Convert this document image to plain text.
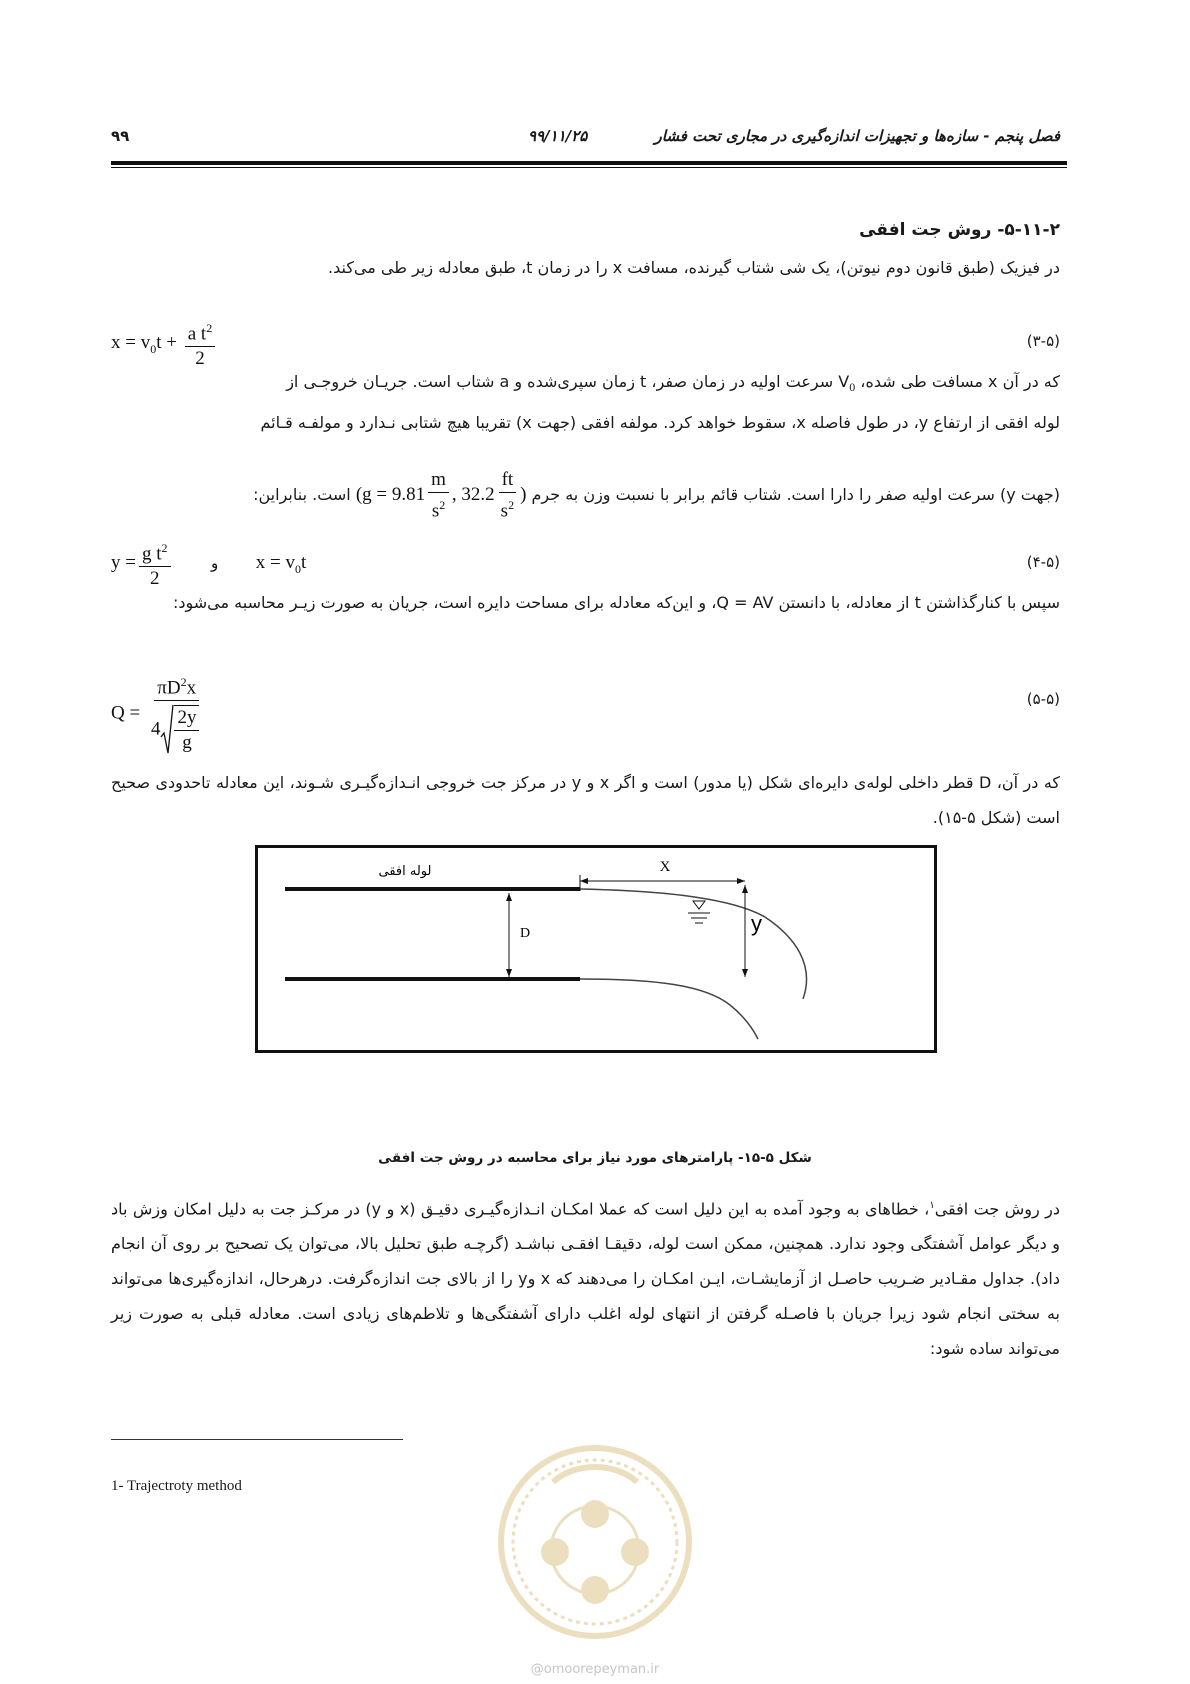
فصل پنجم - سازه‌ها و تجهیزات اندازه‌گیری در مجاری تحت فشار
۹۹/۱۱/۲۵
۹۹
۵-۱۱-۲- روش جت افقی
در فیزیک (طبق قانون دوم نیوتن)، یک شی شتاب گیرنده، مسافت x را در زمان t، طبق معادله زیر طی می‌کند.
$x = v_0t + \frac{a t^2}{2}$	(۳-۵)
که در آن x مسافت طی شده، $V_0$ سرعت اولیه در زمان صفر، t زمان سپری‌شده و a شتاب است. جریـان خروجـی از
لوله افقی از ارتفاع y، در طول فاصله x، سقوط خواهد کرد. مولفه افقی (جهت x) تقریبا هیچ شتابی نـدارد و مولفـه قـائم
(جهت y) سرعت اولیه صفر را دارا است. شتاب قائم برابر با نسبت وزن به جرم ($g = 9.81 \frac{m}{s^2}$ , $32.2 \frac{ft}{s^2}$ ) است. بنابراین:
$y = \frac{g t^2}{2}$	و  $x = v_0t$	(۴-۵)
سپس با کنارگذاشتن t از معادله، با دانستن Q = AV، و این‌که معادله برای مساحت دایره است، جریان به صورت زیـر محاسبه می‌شود:
$Q = \frac{\pi D^2x}{4 \frac{2y}{g}}$	(۵-۵)
که در آن، D قطر داخلی لوله‌ی دایره‌ای شکل (یا مدور) است و اگر x و y در مرکز جت خروجی انـدازه‌گیـری شـوند، این معادله تاحدودی صحیح است (شکل ۵-۱۵).
لوله افقی	X
y
D
شکل ۵-۱۵- پارامترهای مورد نیاز برای محاسبه در روش جت افقی
در روش جت افقی$^۱$، خطاهای به وجود آمده به این دلیل است که عملا امکـان انـدازه‌گیـری دقیـق (x و y) در مرکـز جت به دلیل امکان وزش باد و دیگر عوامل آشفتگی وجود ندارد. همچنین، ممکن است لوله، دقیقـا افقـی نباشـد (گرچـه طبق تحلیل بالا، می‌توان یک تصحیح بر روی آن انجام داد). جداول مقـادیر ضـریب حاصـل از آزمایشـات، ایـن امکـان را می‌دهند که x وy را از بالای جت اندازه‌گرفت. درهرحال، اندازه‌گیری‌ها می‌تواند به سختی انجام شود زیرا جریان با فاصـله گرفتن از انتهای لوله اغلب دارای آشفتگی‌ها و تلاطم‌های زیادی است. معادله قبلی به صورت زیر می‌تواند ساده شود:
1- Trajectroty method
@omoorepeyman.ir
